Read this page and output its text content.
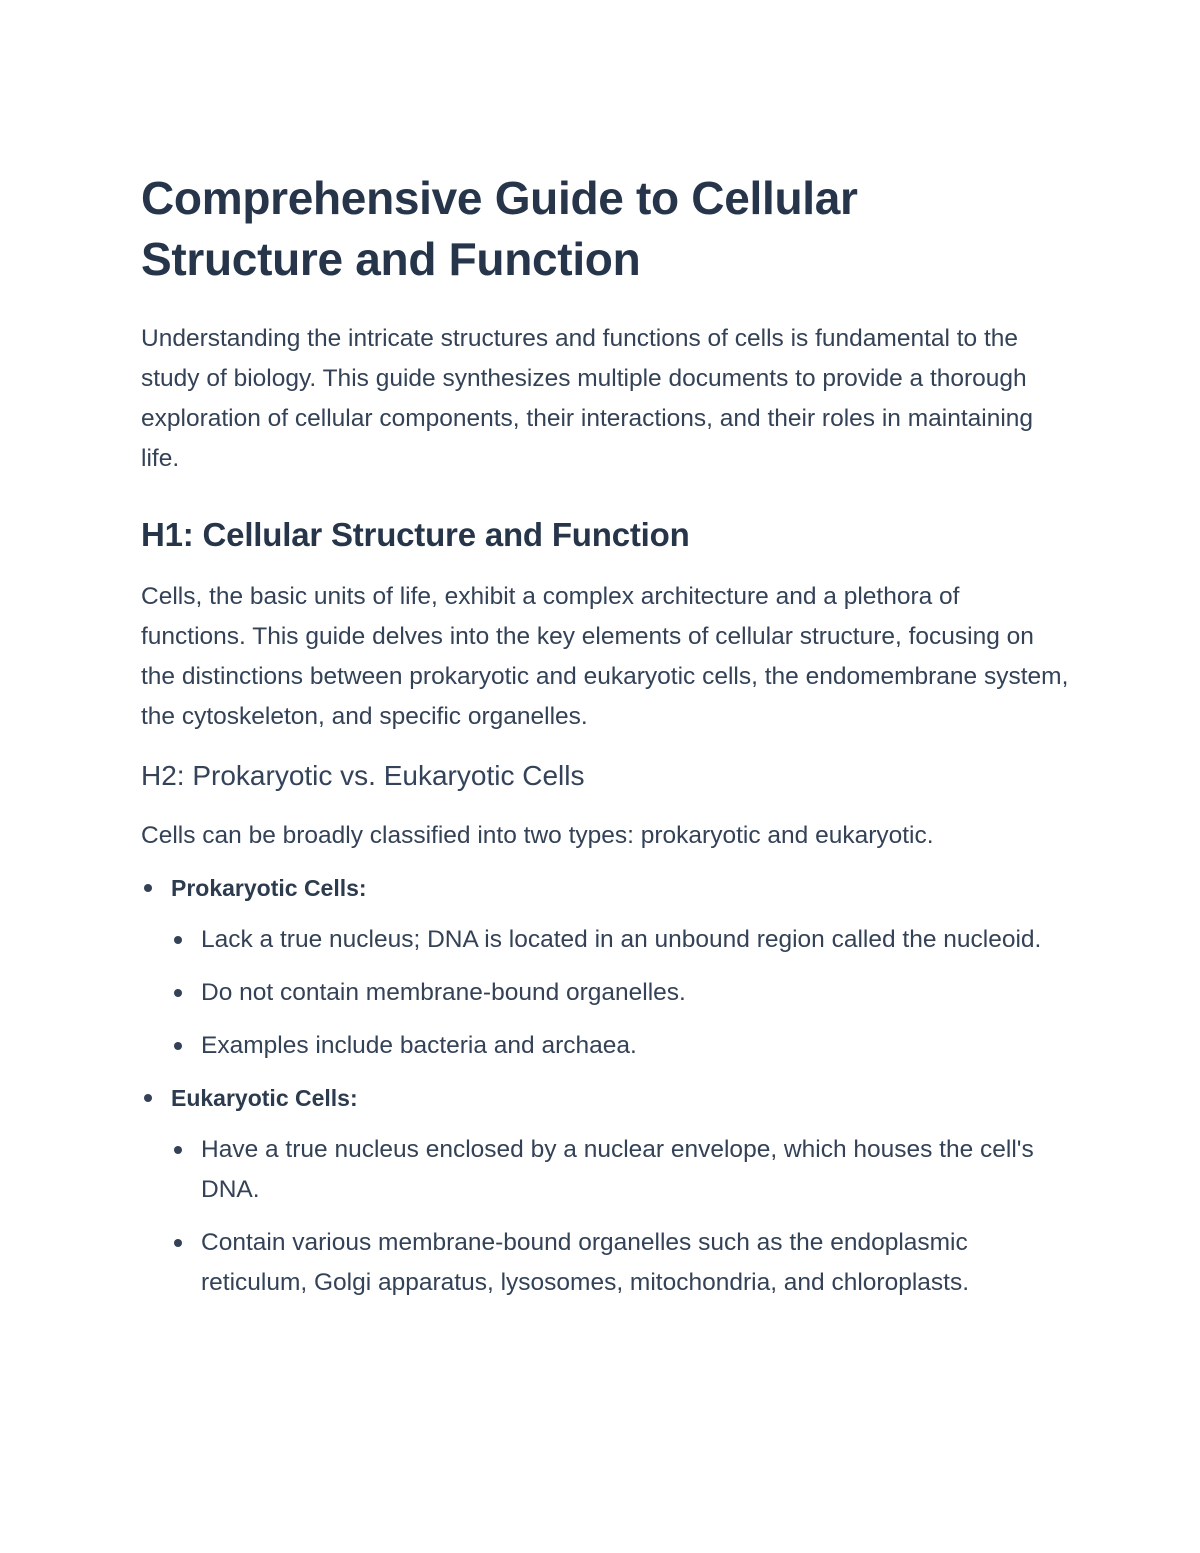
Comprehensive Guide to Cellular Structure and Function

Understanding the intricate structures and functions of cells is fundamental to the study of biology. This guide synthesizes multiple documents to provide a thorough exploration of cellular components, their interactions, and their roles in maintaining life.

H1: Cellular Structure and Function

Cells, the basic units of life, exhibit a complex architecture and a plethora of functions. This guide delves into the key elements of cellular structure, focusing on the distinctions between prokaryotic and eukaryotic cells, the endomembrane system, the cytoskeleton, and specific organelles.

H2: Prokaryotic vs. Eukaryotic Cells

Cells can be broadly classified into two types: prokaryotic and eukaryotic.

Prokaryotic Cells:
Lack a true nucleus; DNA is located in an unbound region called the nucleoid.
Do not contain membrane-bound organelles.
Examples include bacteria and archaea.
Eukaryotic Cells:
Have a true nucleus enclosed by a nuclear envelope, which houses the cell's DNA.
Contain various membrane-bound organelles such as the endoplasmic reticulum, Golgi apparatus, lysosomes, mitochondria, and chloroplasts.
